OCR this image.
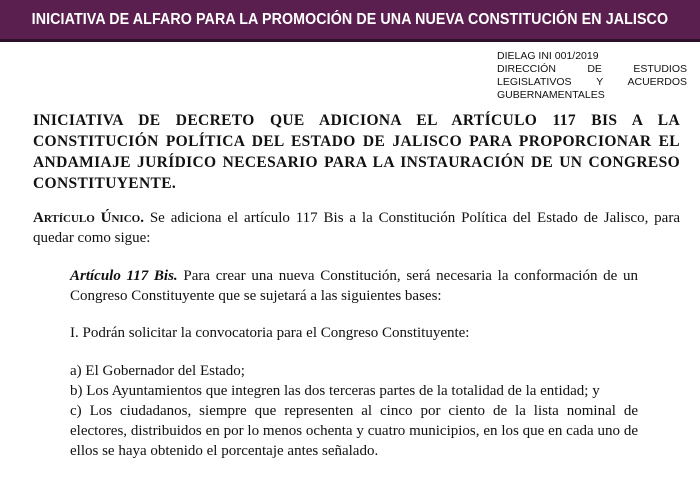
INICIATIVA DE ALFARO PARA LA PROMOCIÓN DE UNA NUEVA CONSTITUCIÓN EN JALISCO
DIELAG INI 001/2019
DIRECCIÓN DE ESTUDIOS LEGISLATIVOS Y ACUERDOS GUBERNAMENTALES

INICIATIVA DE DECRETO QUE ADICIONA EL ARTÍCULO 117 BIS A LA CONSTITUCIÓN POLÍTICA DEL ESTADO DE JALISCO PARA PROPORCIONAR EL ANDAMIAJE JURÍDICO NECESARIO PARA LA INSTAURACIÓN DE UN CONGRESO CONSTITUYENTE.

Artículo Único. Se adiciona el artículo 117 Bis a la Constitución Política del Estado de Jalisco, para quedar como sigue:

Artículo 117 Bis. Para crear una nueva Constitución, será necesaria la conformación de un Congreso Constituyente que se sujetará a las siguientes bases:

I. Podrán solicitar la convocatoria para el Congreso Constituyente:

a) El Gobernador del Estado;
b) Los Ayuntamientos que integren las dos terceras partes de la totalidad de la entidad; y
c) Los ciudadanos, siempre que representen al cinco por ciento de la lista nominal de electores, distribuidos en por lo menos ochenta y cuatro municipios, en los que en cada uno de ellos se haya obtenido el porcentaje antes señalado.
